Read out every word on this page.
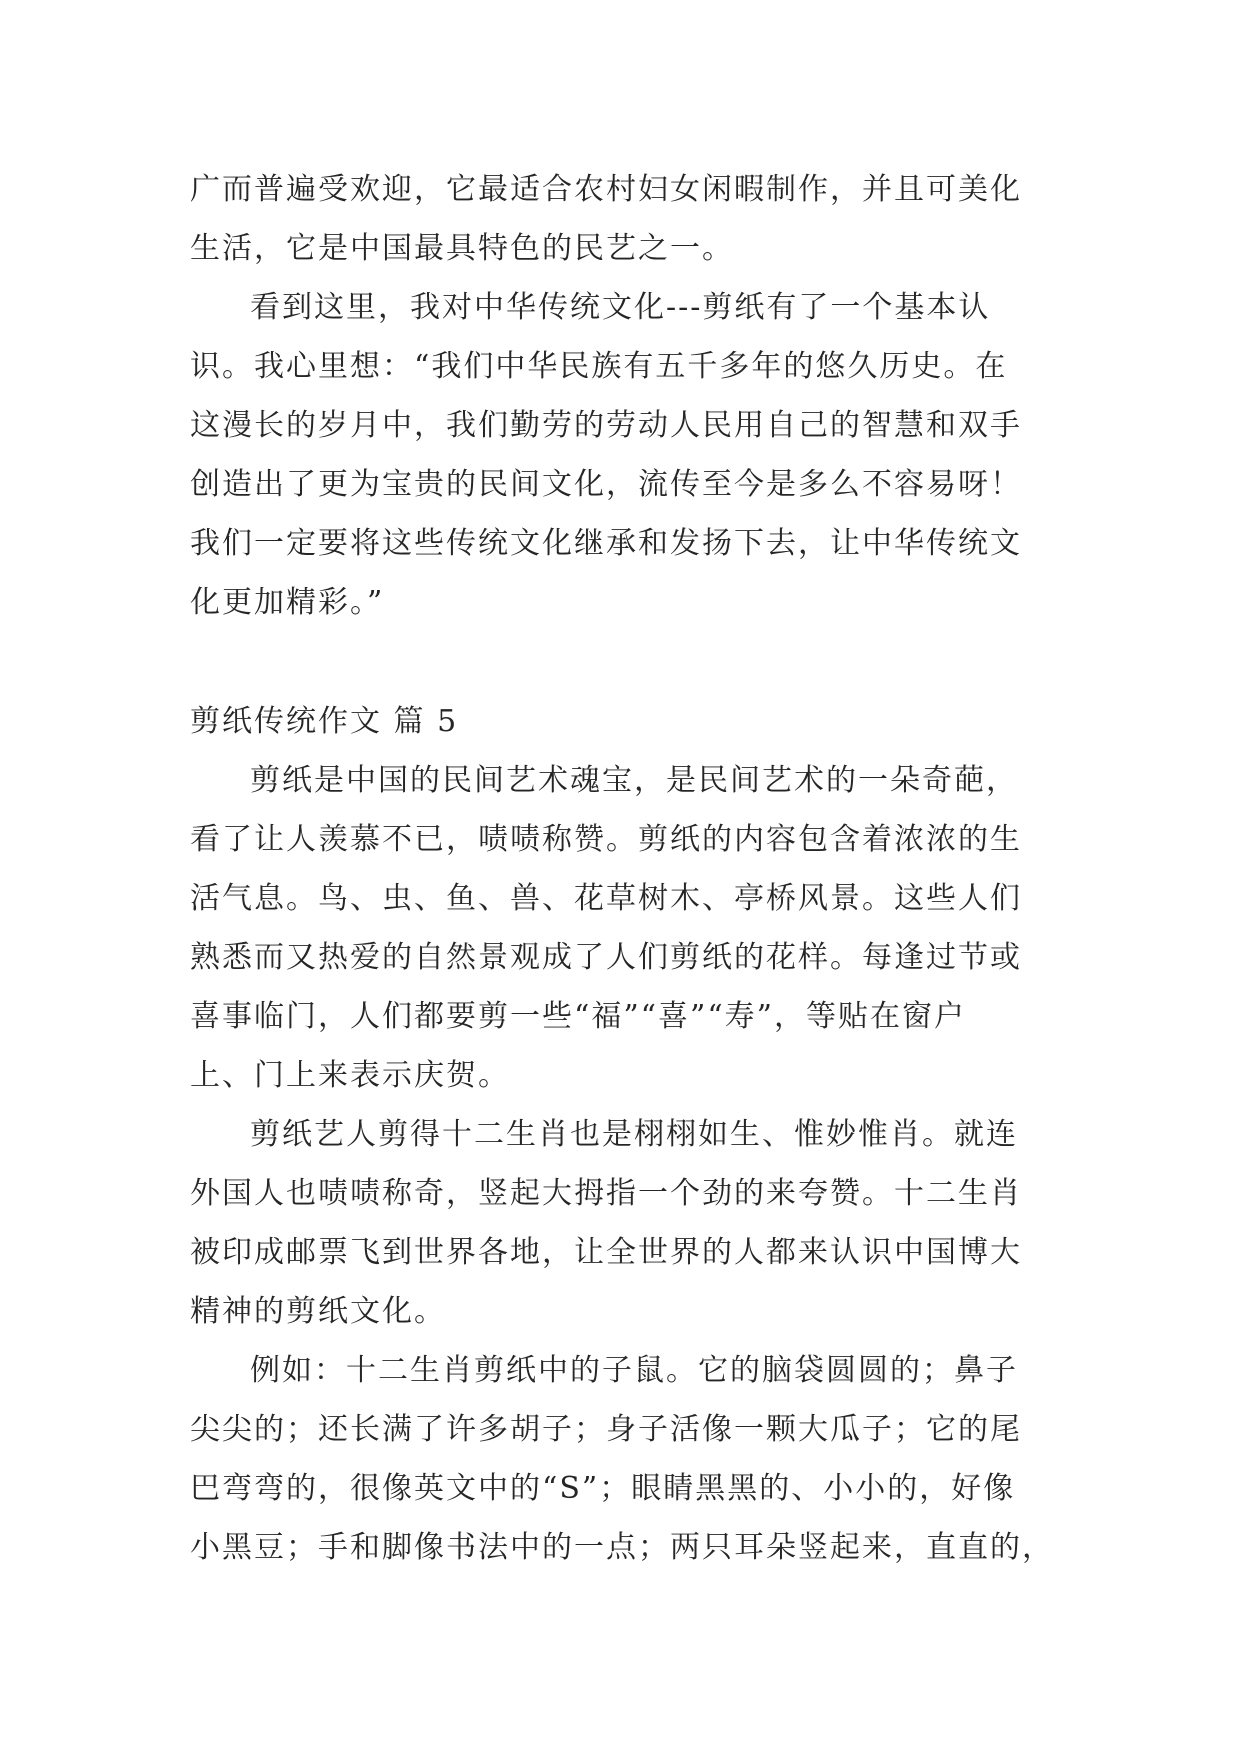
广而普遍受欢迎，它最适合农村妇女闲暇制作，并且可美化
生活，它是中国最具特色的民艺之一。
看到这里，我对中华传统文化---剪纸有了一个基本认
识。我心里想：“我们中华民族有五千多年的悠久历史。在
这漫长的岁月中，我们勤劳的劳动人民用自己的智慧和双手
创造出了更为宝贵的民间文化，流传至今是多么不容易呀！
我们一定要将这些传统文化继承和发扬下去，让中华传统文
化更加精彩。”
剪纸传统作文 篇 5
剪纸是中国的民间艺术魂宝，是民间艺术的一朵奇葩，
看了让人羡慕不已，啧啧称赞。剪纸的内容包含着浓浓的生
活气息。鸟、虫、鱼、兽、花草树木、亭桥风景。这些人们
熟悉而又热爱的自然景观成了人们剪纸的花样。每逢过节或
喜事临门，人们都要剪一些“福”“喜”“寿”，等贴在窗户
上、门上来表示庆贺。
剪纸艺人剪得十二生肖也是栩栩如生、惟妙惟肖。就连
外国人也啧啧称奇，竖起大拇指一个劲的来夸赞。十二生肖
被印成邮票飞到世界各地，让全世界的人都来认识中国博大
精神的剪纸文化。
例如：十二生肖剪纸中的子鼠。它的脑袋圆圆的；鼻子
尖尖的；还长满了许多胡子；身子活像一颗大瓜子；它的尾
巴弯弯的，很像英文中的“S”；眼睛黑黑的、小小的，好像
小黑豆；手和脚像书法中的一点；两只耳朵竖起来，直直的，
